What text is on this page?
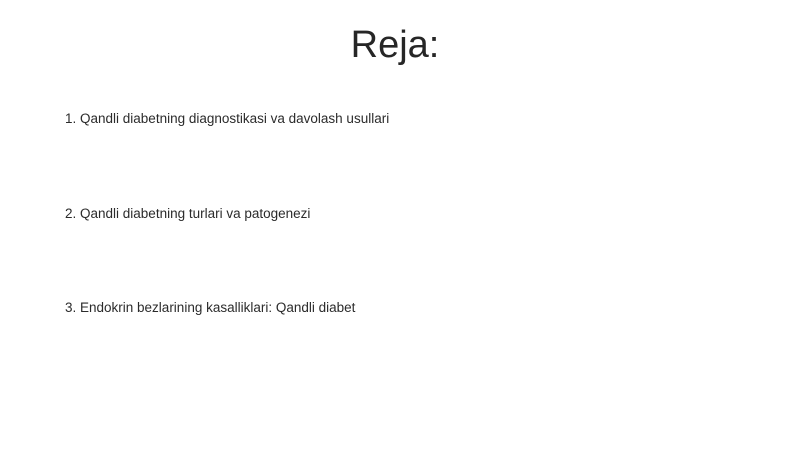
Reja:
1. Qandli diabetning diagnostikasi va davolash usullari
2. Qandli diabetning turlari va patogenezi
3. Endokrin bezlarining kasalliklari: Qandli diabet
